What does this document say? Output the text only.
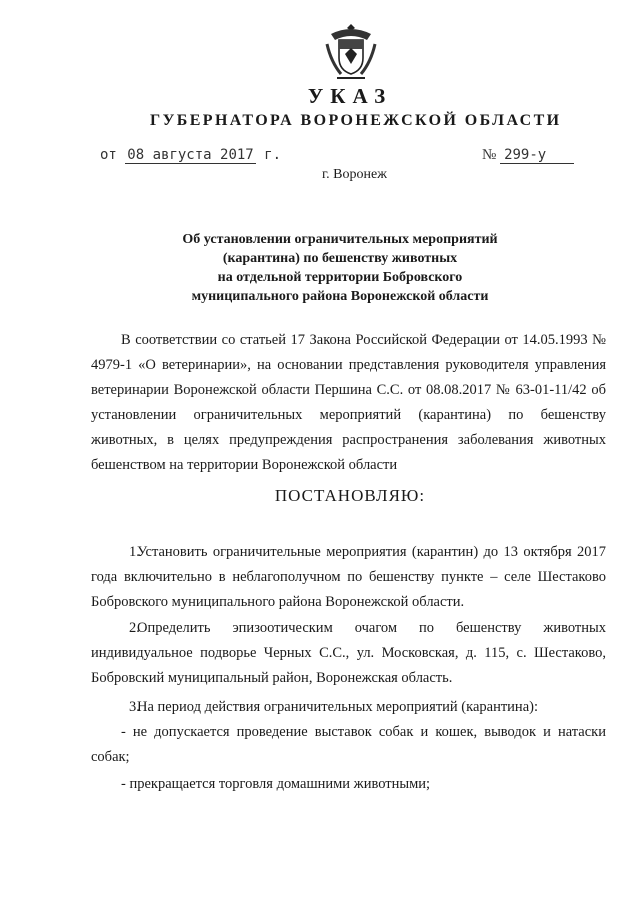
УКАЗ
ГУБЕРНАТОРА ВОРОНЕЖСКОЙ ОБЛАСТИ
от 08 августа 2017 г.	№ 299-у
г. Воронеж
Об установлении ограничительных мероприятий
(карантина) по бешенству животных
на отдельной территории Бобровского
муниципального района Воронежской области
В соответствии со статьей 17 Закона Российской Федерации от 14.05.1993 № 4979-1 «О ветеринарии», на основании представления руководителя управления ветеринарии Воронежской области Першина С.С. от 08.08.2017 № 63-01-11/42 об установлении ограничительных мероприятий (карантина) по бешенству животных, в целях предупреждения распространения заболевания животных бешенством на территории Воронежской области
ПОСТАНОВЛЯЮ:
1.Установить ограничительные мероприятия (карантин) до 13 октября 2017 года включительно в неблагополучном по бешенству пункте – селе Шестаково Бобровского муниципального района Воронежской области.
2.Определить эпизоотическим очагом по бешенству животных индивидуальное подворье Черных С.С., ул. Московская, д. 115, с. Шестаково, Бобровский муниципальный район, Воронежская область.
3.На период действия ограничительных мероприятий (карантина):
- не допускается проведение выставок собак и кошек, выводок и натаски собак;
- прекращается торговля домашними животными;
